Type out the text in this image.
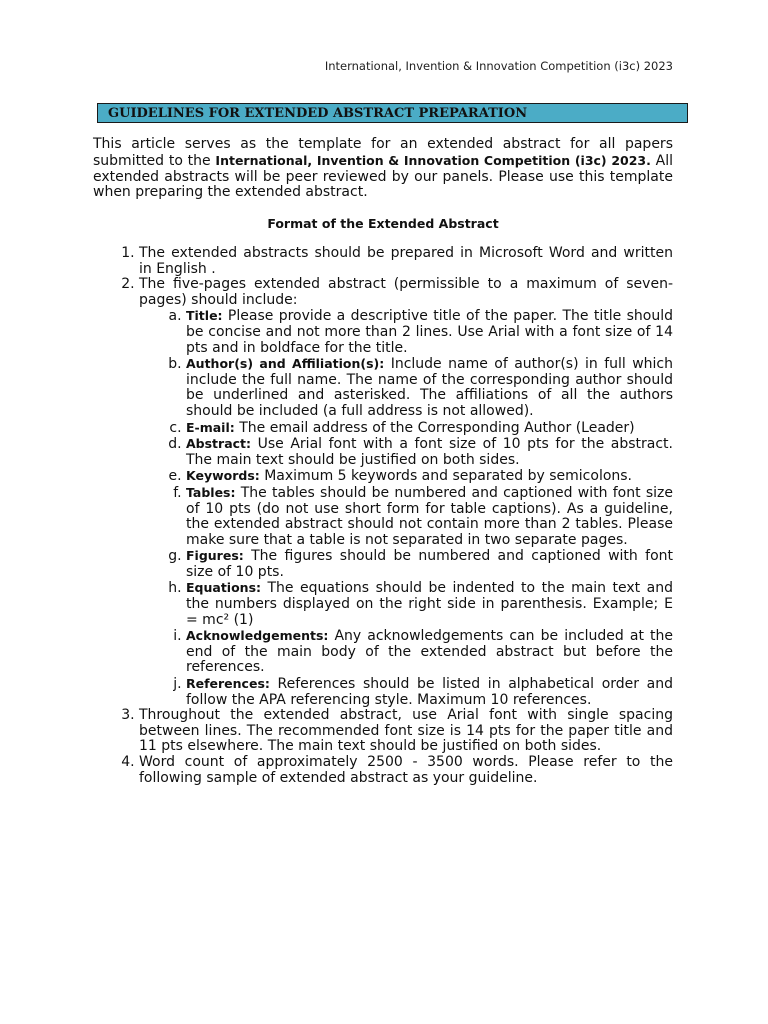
International, Invention & Innovation Competition (i3c) 2023
GUIDELINES FOR EXTENDED ABSTRACT PREPARATION

This article serves as the template for an extended abstract for all papers submitted to the International, Invention & Innovation Competition (i3c) 2023. All extended abstracts will be peer reviewed by our panels. Please use this template when preparing the extended abstract.

Format of the Extended Abstract
1. The extended abstracts should be prepared in Microsoft Word and written in English .
2. The five-pages extended abstract (permissible to a maximum of seven-pages) should include:
a. Title: Please provide a descriptive title of the paper. The title should be concise and not more than 2 lines. Use Arial with a font size of 14 pts and in boldface for the title.
b. Author(s) and Affiliation(s): Include name of author(s) in full which include the full name. The name of the corresponding author should be underlined and asterisked. The affiliations of all the authors should be included (a full address is not allowed).
c. E-mail: The email address of the Corresponding Author (Leader)
d. Abstract: Use Arial font with a font size of 10 pts for the abstract. The main text should be justified on both sides.
e. Keywords: Maximum 5 keywords and separated by semicolons.
f. Tables: The tables should be numbered and captioned with font size of 10 pts (do not use short form for table captions). As a guideline, the extended abstract should not contain more than 2 tables. Please make sure that a table is not separated in two separate pages.
g. Figures: The figures should be numbered and captioned with font size of 10 pts.
h. Equations: The equations should be indented to the main text and the numbers displayed on the right side in parenthesis. Example; E = mc² (1)
i. Acknowledgements: Any acknowledgements can be included at the end of the main body of the extended abstract but before the references.
j. References: References should be listed in alphabetical order and follow the APA referencing style. Maximum 10 references.
3. Throughout the extended abstract, use Arial font with single spacing between lines. The recommended font size is 14 pts for the paper title and 11 pts elsewhere. The main text should be justified on both sides.
4. Word count of approximately 2500 - 3500 words. Please refer to the following sample of extended abstract as your guideline.
